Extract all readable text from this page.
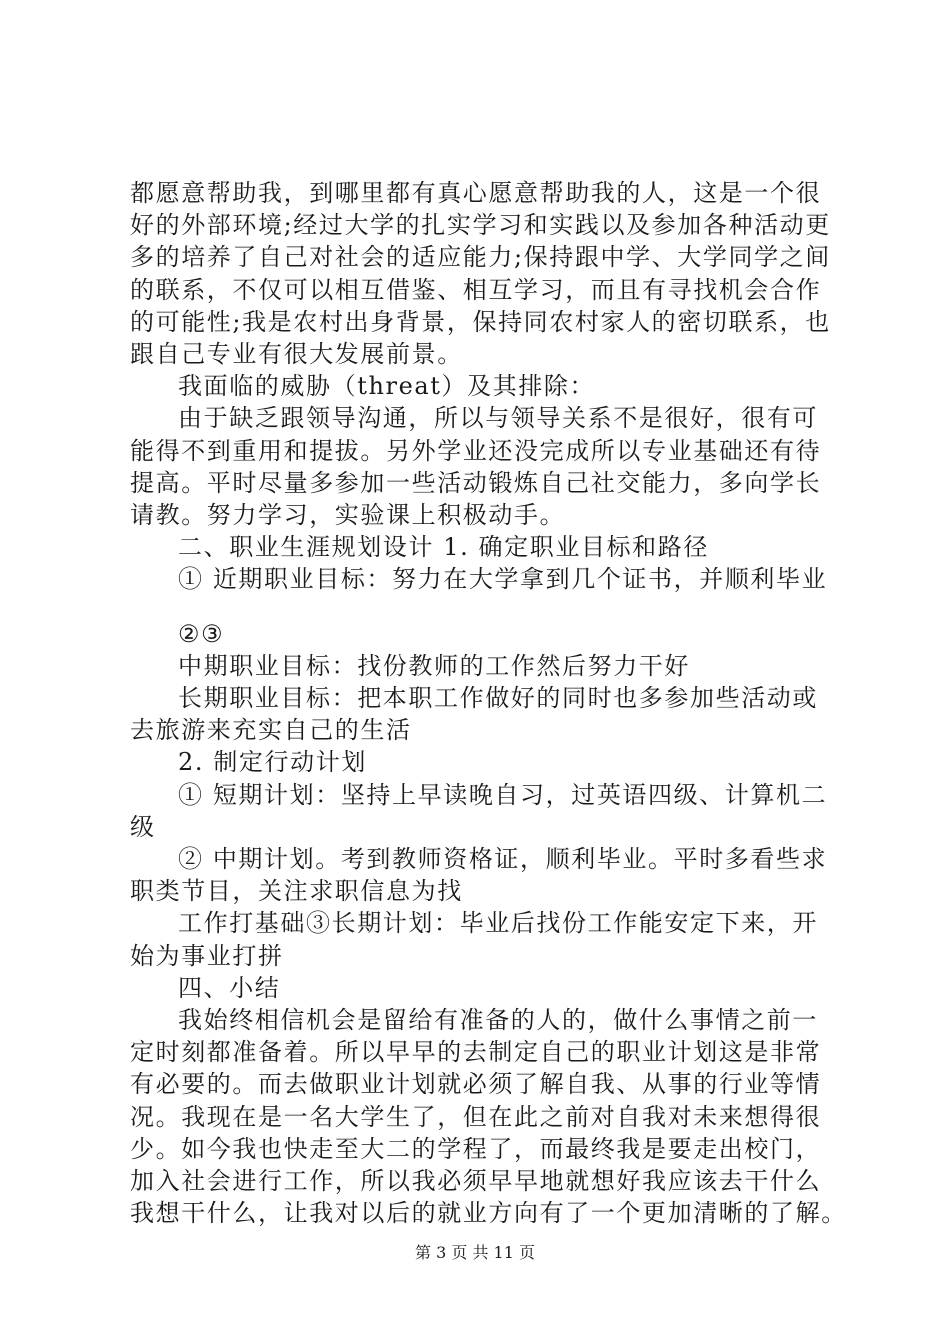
第 3 页 共 11 页
都愿意帮助我，到哪里都有真心愿意帮助我的人，这是一个很
好的外部环境;经过大学的扎实学习和实践以及参加各种活动更
多的培养了自己对社会的适应能力;保持跟中学、大学同学之间
的联系，不仅可以相互借鉴、相互学习，而且有寻找机会合作
的可能性;我是农村出身背景，保持同农村家人的密切联系，也
跟自己专业有很大发展前景。
我面临的威胁（threat）及其排除：
由于缺乏跟领导沟通，所以与领导关系不是很好，很有可
能得不到重用和提拔。另外学业还没完成所以专业基础还有待
提高。平时尽量多参加一些活动锻炼自己社交能力，多向学长
请教。努力学习，实验课上积极动手。
二、职业生涯规划设计 1. 确定职业目标和路径
① 近期职业目标：努力在大学拿到几个证书，并顺利毕业
②③
中期职业目标：找份教师的工作然后努力干好
长期职业目标：把本职工作做好的同时也多参加些活动或
去旅游来充实自己的生活
2. 制定行动计划
① 短期计划：坚持上早读晚自习，过英语四级、计算机二
级
② 中期计划。考到教师资格证，顺利毕业。平时多看些求
职类节目，关注求职信息为找
工作打基础③长期计划：毕业后找份工作能安定下来，开
始为事业打拼
四、小结
我始终相信机会是留给有准备的人的，做什么事情之前一
定时刻都准备着。所以早早的去制定自己的职业计划这是非常
有必要的。而去做职业计划就必须了解自我、从事的行业等情
况。我现在是一名大学生了，但在此之前对自我对未来想得很
少。如今我也快走至大二的学程了，而最终我是要走出校门，
加入社会进行工作，所以我必须早早地就想好我应该去干什么
我想干什么，让我对以后的就业方向有了一个更加清晰的了解。
